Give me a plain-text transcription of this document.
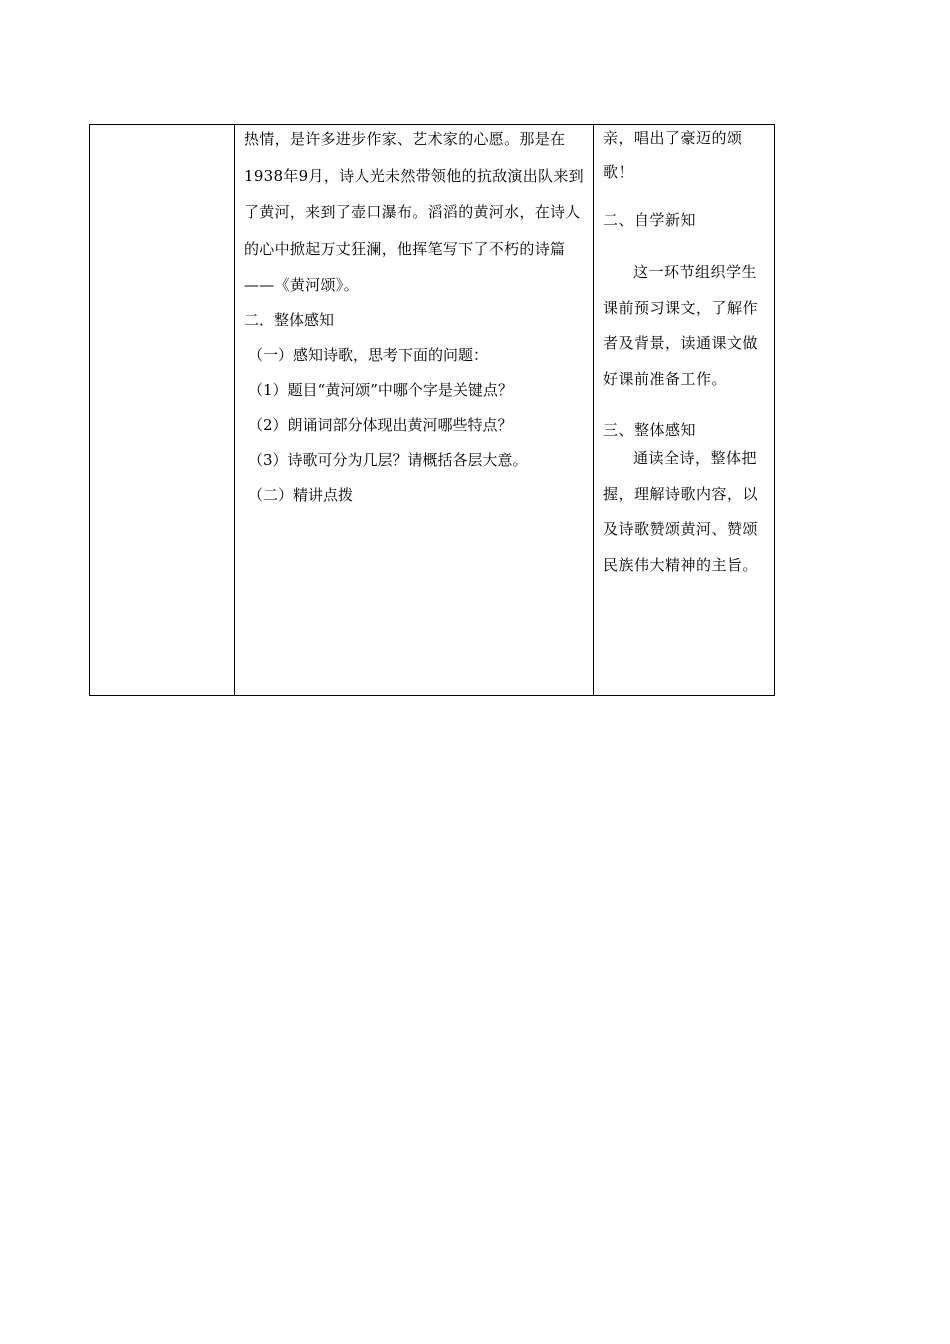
热情，是许多进步作家、艺术家的心愿。那是在1938年9月，诗人光未然带领他的抗敌演出队来到了黄河，来到了壶口瀑布。滔滔的黄河水，在诗人的心中掀起万丈狂澜，他挥笔写下了不朽的诗篇——《黄河颂》。

二．整体感知

（一）感知诗歌，思考下面的问题：

（1）题目“黄河颂”中哪个字是关键点？

（2）朗诵词部分体现出黄河哪些特点？

（3）诗歌可分为几层？请概括各层大意。

（二）精讲点拨

亲，唱出了豪迈的颂歌！

二、自学新知

这一环节组织学生课前预习课文，了解作者及背景，读通课文做好课前准备工作。

三、整体感知

通读全诗，整体把握，理解诗歌内容，以及诗歌赞颂黄河、赞颂民族伟大精神的主旨。
